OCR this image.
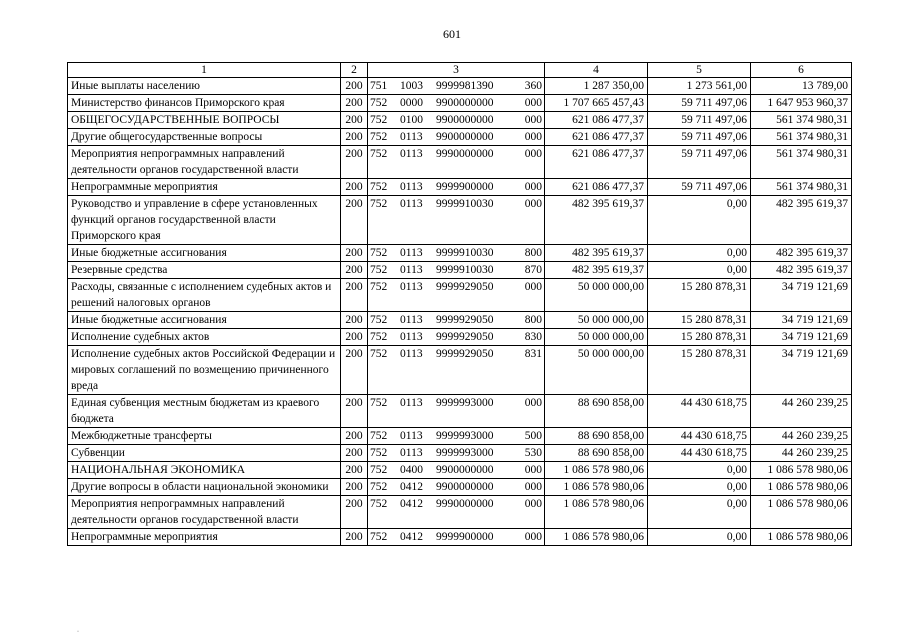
601
1	2	3	4	5	6
Иные выплаты населению	200	751 1003 9999981390 360	1 287 350,00	1 273 561,00	13 789,00
Министерство финансов Приморского края	200	752 0000 9900000000 000	1 707 665 457,43	59 711 497,06	1 647 953 960,37
ОБЩЕГОСУДАРСТВЕННЫЕ ВОПРОСЫ	200	752 0100 9900000000 000	621 086 477,37	59 711 497,06	561 374 980,31
Другие общегосударственные вопросы	200	752 0113 9900000000 000	621 086 477,37	59 711 497,06	561 374 980,31
Мероприятия непрограммных направлений деятельности органов государственной власти	200	752 0113 9990000000 000	621 086 477,37	59 711 497,06	561 374 980,31
Непрограммные мероприятия	200	752 0113 9999900000 000	621 086 477,37	59 711 497,06	561 374 980,31
Руководство и управление в сфере установленных функций органов государственной власти Приморского края	200	752 0113 9999910030 000	482 395 619,37	0,00	482 395 619,37
Иные бюджетные ассигнования	200	752 0113 9999910030 800	482 395 619,37	0,00	482 395 619,37
Резервные средства	200	752 0113 9999910030 870	482 395 619,37	0,00	482 395 619,37
Расходы, связанные с исполнением судебных актов и решений налоговых органов	200	752 0113 9999929050 000	50 000 000,00	15 280 878,31	34 719 121,69
Иные бюджетные ассигнования	200	752 0113 9999929050 800	50 000 000,00	15 280 878,31	34 719 121,69
Исполнение судебных актов	200	752 0113 9999929050 830	50 000 000,00	15 280 878,31	34 719 121,69
Исполнение судебных актов Российской Федерации и мировых соглашений по возмещению причиненного вреда	200	752 0113 9999929050 831	50 000 000,00	15 280 878,31	34 719 121,69
Единая субвенция местным бюджетам из краевого бюджета	200	752 0113 9999993000 000	88 690 858,00	44 430 618,75	44 260 239,25
Межбюджетные трансферты	200	752 0113 9999993000 500	88 690 858,00	44 430 618,75	44 260 239,25
Субвенции	200	752 0113 9999993000 530	88 690 858,00	44 430 618,75	44 260 239,25
НАЦИОНАЛЬНАЯ ЭКОНОМИКА	200	752 0400 9900000000 000	1 086 578 980,06	0,00	1 086 578 980,06
Другие вопросы в области национальной экономики	200	752 0412 9900000000 000	1 086 578 980,06	0,00	1 086 578 980,06
Мероприятия непрограммных направлений деятельности органов государственной власти	200	752 0412 9990000000 000	1 086 578 980,06	0,00	1 086 578 980,06
Непрограммные мероприятия	200	752 0412 9999900000 000	1 086 578 980,06	0,00	1 086 578 980,06
·
